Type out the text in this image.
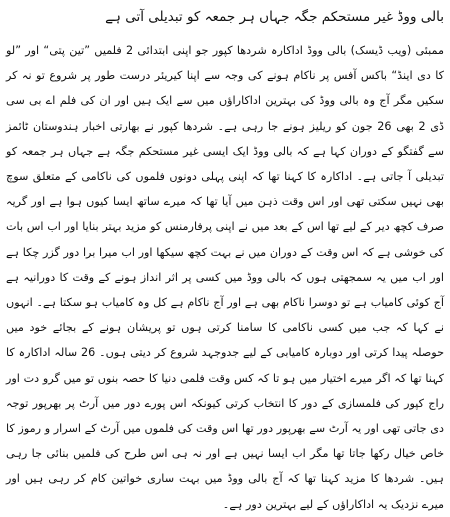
بالی ووڈ غیر مستحکم جگہ جہاں ہر جمعہ کو تبدیلی آتی ہے

ممبئی (ویب ڈیسک) بالی ووڈ اداکارہ شردھا کپور جو اپنی ابتدائی 2 فلمیں ”تین پتی“ اور ”لو کا دی اینڈ“ باکس آفس پر ناکام ہونے کی وجہ سے اپنا کیریئر درست طور پر شروع تو نہ کر سکیں مگر آج وہ بالی ووڈ کی بہترین اداکاراؤں میں سے ایک ہیں اور ان کی فلم اے بی سی ڈی 2 بھی 26 جون کو ریلیز ہونے جا رہی ہے۔ شردھا کپور نے بھارتی اخبار ہندوستان ٹائمز سے گفتگو کے دوران کہا ہے کہ بالی ووڈ ایک ایسی غیر مستحکم جگہ ہے جہاں ہر جمعہ کو تبدیلی آ جاتی ہے۔ اداکارہ کا کہنا تھا کہ اپنی پہلی دونوں فلموں کی ناکامی کے متعلق سوچ بھی نہیں سکتی تھی اور اس وقت ذہن میں آیا تھا کہ میرے ساتھ ایسا کیوں ہوا ہے اور گریہ صرف کچھ دیر کے لیے تھا اس کے بعد میں نے اپنی پرفارمنس کو مزید بہتر بنایا اور اب اس بات کی خوشی ہے کہ اس وقت کے دوران میں نے بہت کچھ سیکھا اور اب میرا برا دور گزر چکا ہے اور اب میں یہ سمجھتی ہوں کہ بالی ووڈ میں کسی پر اثر انداز ہونے کے وقت کا دورانیہ ہے آج کوئی کامیاب ہے تو دوسرا ناکام بھی ہے اور آج ناکام ہے کل وہ کامیاب ہو سکتا ہے۔ انہوں نے کہا کہ جب میں کسی ناکامی کا سامنا کرتی ہوں تو پریشان ہونے کے بجائے خود میں حوصلہ پیدا کرتی اور دوبارہ کامیابی کے لیے جدوجہد شروع کر دیتی ہوں۔ 26 سالہ اداکارہ کا کہنا تھا کہ اگر میرے اختیار میں ہو تا کہ کس وقت فلمی دنیا کا حصہ بنوں تو میں گرو دت اور راج کپور کی فلمسازی کے دور کا انتخاب کرتی کیونکہ اس پورے دور میں آرٹ پر بھرپور توجہ دی جاتی تھی اور یہ آرٹ سے بھرپور دور تھا اس وقت کی فلموں میں آرٹ کے اسرار و رموز کا خاص خیال رکھا جاتا تھا مگر اب ایسا نہیں ہے اور نہ ہی اس طرح کی فلمیں بنائی جا رہی ہیں۔ شردھا کا مزید کہنا تھا کہ آج بالی ووڈ میں بہت ساری خواتین کام کر رہی ہیں اور میرے نزدیک یہ اداکاراؤں کے لیے بہترین دور ہے۔
